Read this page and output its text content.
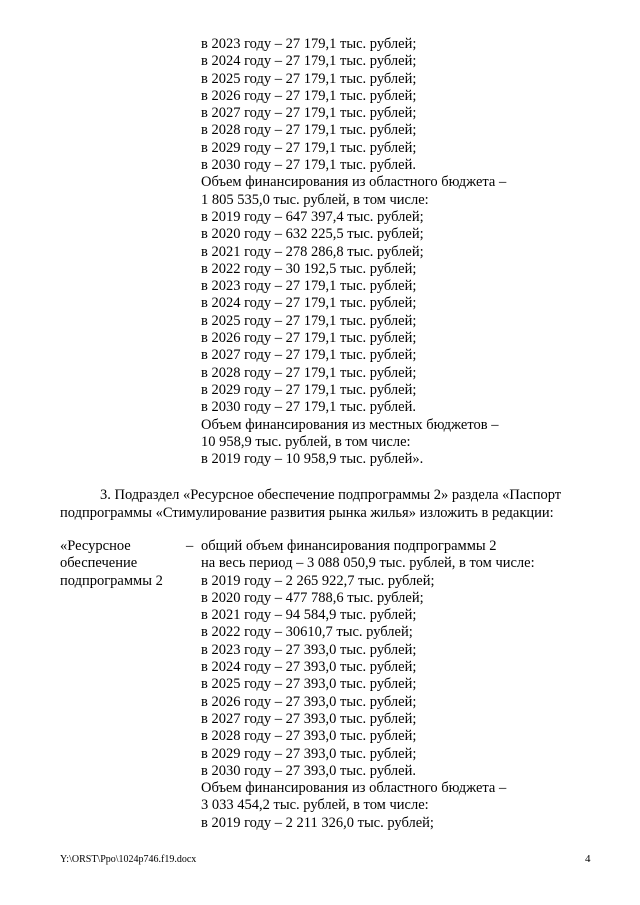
в 2023 году – 27 179,1 тыс. рублей;
в 2024 году – 27 179,1 тыс. рублей;
в 2025 году – 27 179,1 тыс. рублей;
в 2026 году – 27 179,1 тыс. рублей;
в 2027 году – 27 179,1 тыс. рублей;
в 2028 году – 27 179,1 тыс. рублей;
в 2029 году – 27 179,1 тыс. рублей;
в 2030 году – 27 179,1 тыс. рублей.
Объем финансирования из областного бюджета –
1 805 535,0 тыс. рублей, в том числе:
в 2019 году – 647 397,4 тыс. рублей;
в 2020 году – 632 225,5 тыс. рублей;
в 2021 году – 278 286,8 тыс. рублей;
в 2022 году – 30 192,5 тыс. рублей;
в 2023 году – 27 179,1 тыс. рублей;
в 2024 году – 27 179,1 тыс. рублей;
в 2025 году – 27 179,1 тыс. рублей;
в 2026 году – 27 179,1 тыс. рублей;
в 2027 году – 27 179,1 тыс. рублей;
в 2028 году – 27 179,1 тыс. рублей;
в 2029 году – 27 179,1 тыс. рублей;
в 2030 году – 27 179,1 тыс. рублей.
Объем финансирования из местных бюджетов –
10 958,9 тыс. рублей, в том числе:
в 2019 году – 10 958,9 тыс. рублей».
3. Подраздел «Ресурсное обеспечение подпрограммы 2» раздела «Паспорт
подпрограммы «Стимулирование развития рынка жилья» изложить в редакции:
«Ресурсное
обеспечение
подпрограммы 2
– общий объем финансирования подпрограммы 2
на весь период – 3 088 050,9 тыс. рублей, в том числе:
в 2019 году – 2 265 922,7 тыс. рублей;
в 2020 году – 477 788,6 тыс. рублей;
в 2021 году – 94 584,9 тыс. рублей;
в 2022 году – 30610,7 тыс. рублей;
в 2023 году – 27 393,0 тыс. рублей;
в 2024 году – 27 393,0 тыс. рублей;
в 2025 году – 27 393,0 тыс. рублей;
в 2026 году – 27 393,0 тыс. рублей;
в 2027 году – 27 393,0 тыс. рублей;
в 2028 году – 27 393,0 тыс. рублей;
в 2029 году – 27 393,0 тыс. рублей;
в 2030 году – 27 393,0 тыс. рублей.
Объем финансирования из областного бюджета –
3 033 454,2 тыс. рублей, в том числе:
в 2019 году – 2 211 326,0 тыс. рублей;
Y:\ORST\Ppo\1024p746.f19.docx	4
